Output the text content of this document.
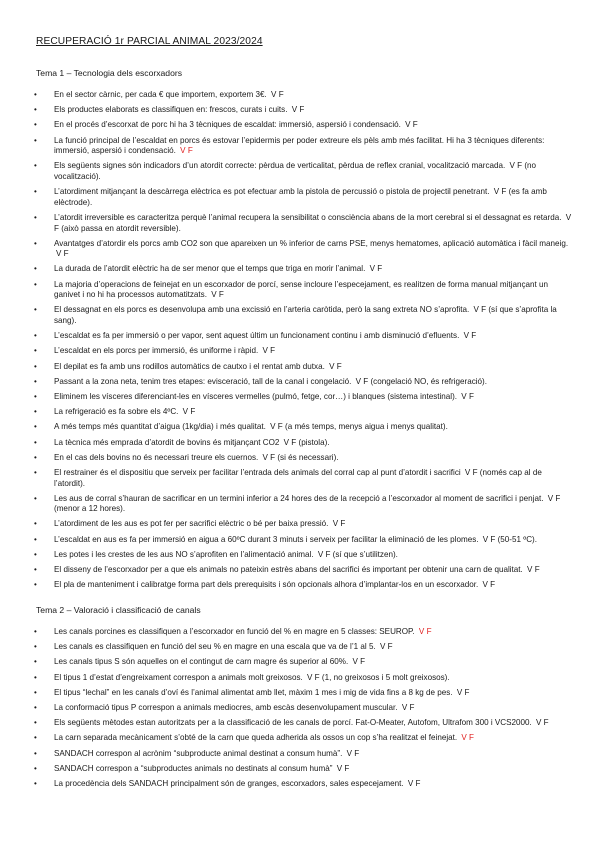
RECUPERACIÓ 1r PARCIAL ANIMAL 2023/2024
Tema 1 – Tecnologia dels escorxadors
• En el sector càrnic, per cada € que importem, exportem 3€. V F
• Els productes elaborats es classifiquen en: frescos, curats i cuits. V F
• En el procés d’escorxat de porc hi ha 3 tècniques de escaldat: immersió, aspersió i condensació. V F
• La funció principal de l’escaldat en porcs és estovar l’epidermis per poder extreure els pèls amb més facilitat. Hi ha 3 tècniques diferents: immersió, aspersió i condensació. V F
• Els següents signes són indicadors d’un atordit correcte: pèrdua de verticalitat, pèrdua de reflex cranial, vocalització marcada. V F (no vocalització).
• L’atordiment mitjançant la descàrrega elèctrica es pot efectuar amb la pistola de percussió o pistola de projectil penetrant. V F (es fa amb elèctrode).
• L’atordit irreversible es caracteritza perquè l’animal recupera la sensibilitat o consciència abans de la mort cerebral si el dessagnat es retarda. V F (això passa en atordit reversible).
• Avantatges d’atordir els porcs amb CO2 son que apareixen un % inferior de carns PSE, menys hematomes, aplicació automàtica i fàcil maneig. V F
• La durada de l’atordit elèctric ha de ser menor que el temps que triga en morir l’animal. V F
• La majoria d’operacions de feinejat en un escorxador de porcí, sense incloure l’especejament, es realitzen de forma manual mitjançant un ganivet i no hi ha processos automatitzats. V F
• El dessagnat en els porcs es desenvolupa amb una excissió en l’arteria caròtida, però la sang extreta NO s’aprofita. V F (sí que s’aprofita la sang).
• L’escaldat es fa per immersió o per vapor, sent aquest últim un funcionament continu i amb disminució d’efluents. V F
• L’escaldat en els porcs per immersió, és uniforme i ràpid. V F
• El depilat es fa amb uns rodillos automàtics de cautxo i el rentat amb dutxa. V F
• Passant a la zona neta, tenim tres etapes: evisceració, tall de la canal i congelació. V F (congelació NO, és refrigeració).
• Eliminem les vísceres diferenciant-les en vísceres vermelles (pulmó, fetge, cor…) i blanques (sistema intestinal). V F
• La refrigeració es fa sobre els 4ºC. V F
• A més temps més quantitat d’aigua (1kg/dia) i més qualitat. V F (a més temps, menys aigua i menys qualitat).
• La tècnica més emprada d’atordit de bovins és mitjançant CO2 V F (pistola).
• En el cas dels bovins no és necessari treure els cuernos. V F (si és necessari).
• El restrainer és el dispositiu que serveix per facilitar l’entrada dels animals del corral cap al punt d’atordit i sacrifici V F (només cap al de l’atordit).
• Les aus de corral s’hauran de sacrificar en un termini inferior a 24 hores des de la recepció a l’escorxador al moment de sacrifici i penjat. V F (menor a 12 hores).
• L’atordiment de les aus es pot fer per sacrifici elèctric o bé per baixa pressió. V F
• L’escaldat en aus es fa per immersió en aigua a 60ºC durant 3 minuts i serveix per facilitar la eliminació de les plomes. V F (50-51 ºC).
• Les potes i les crestes de les aus NO s’aprofiten en l’alimentació animal. V F (sí que s’utilitzen).
• El disseny de l’escorxador per a que els animals no pateixin estrès abans del sacrifici és important per obtenir una carn de qualitat. V F
• El pla de manteniment i calibratge forma part dels prerequisits i són opcionals alhora d’implantar-los en un escorxador. V F
Tema 2 – Valoració i classificació de canals
• Les canals porcines es classifiquen a l’escorxador en funció del % en magre en 5 classes: SEUROP. V F
• Les canals es classifiquen en funció del seu % en magre en una escala que va de l’1 al 5. V F
• Les canals tipus S són aquelles on el contingut de carn magre és superior al 60%. V F
• El tipus 1 d’estat d’engreixament correspon a animals molt greixosos. V F (1, no greixosos i 5 molt greixosos).
• El tipus “lechal” en les canals d’oví és l’animal alimentat amb llet, màxim 1 mes i mig de vida fins a 8 kg de pes. V F
• La conformació tipus P correspon a animals mediocres, amb escàs desenvolupament muscular. V F
• Els següents mètodes estan autoritzats per a la classificació de les canals de porcí. Fat-O-Meater, Autofom, Ultrafom 300 i VCS2000. V F
• La carn separada mecànicament s’obté de la carn que queda adherida als ossos un cop s’ha realitzat el feinejat. V F
• SANDACH correspon al acrònim “subproducte animal destinat a consum humà”. V F
• SANDACH correspon a “subproductes animals no destinats al consum humà” V F
• La procedència dels SANDACH principalment són de granges, escorxadors, sales especejament. V F
